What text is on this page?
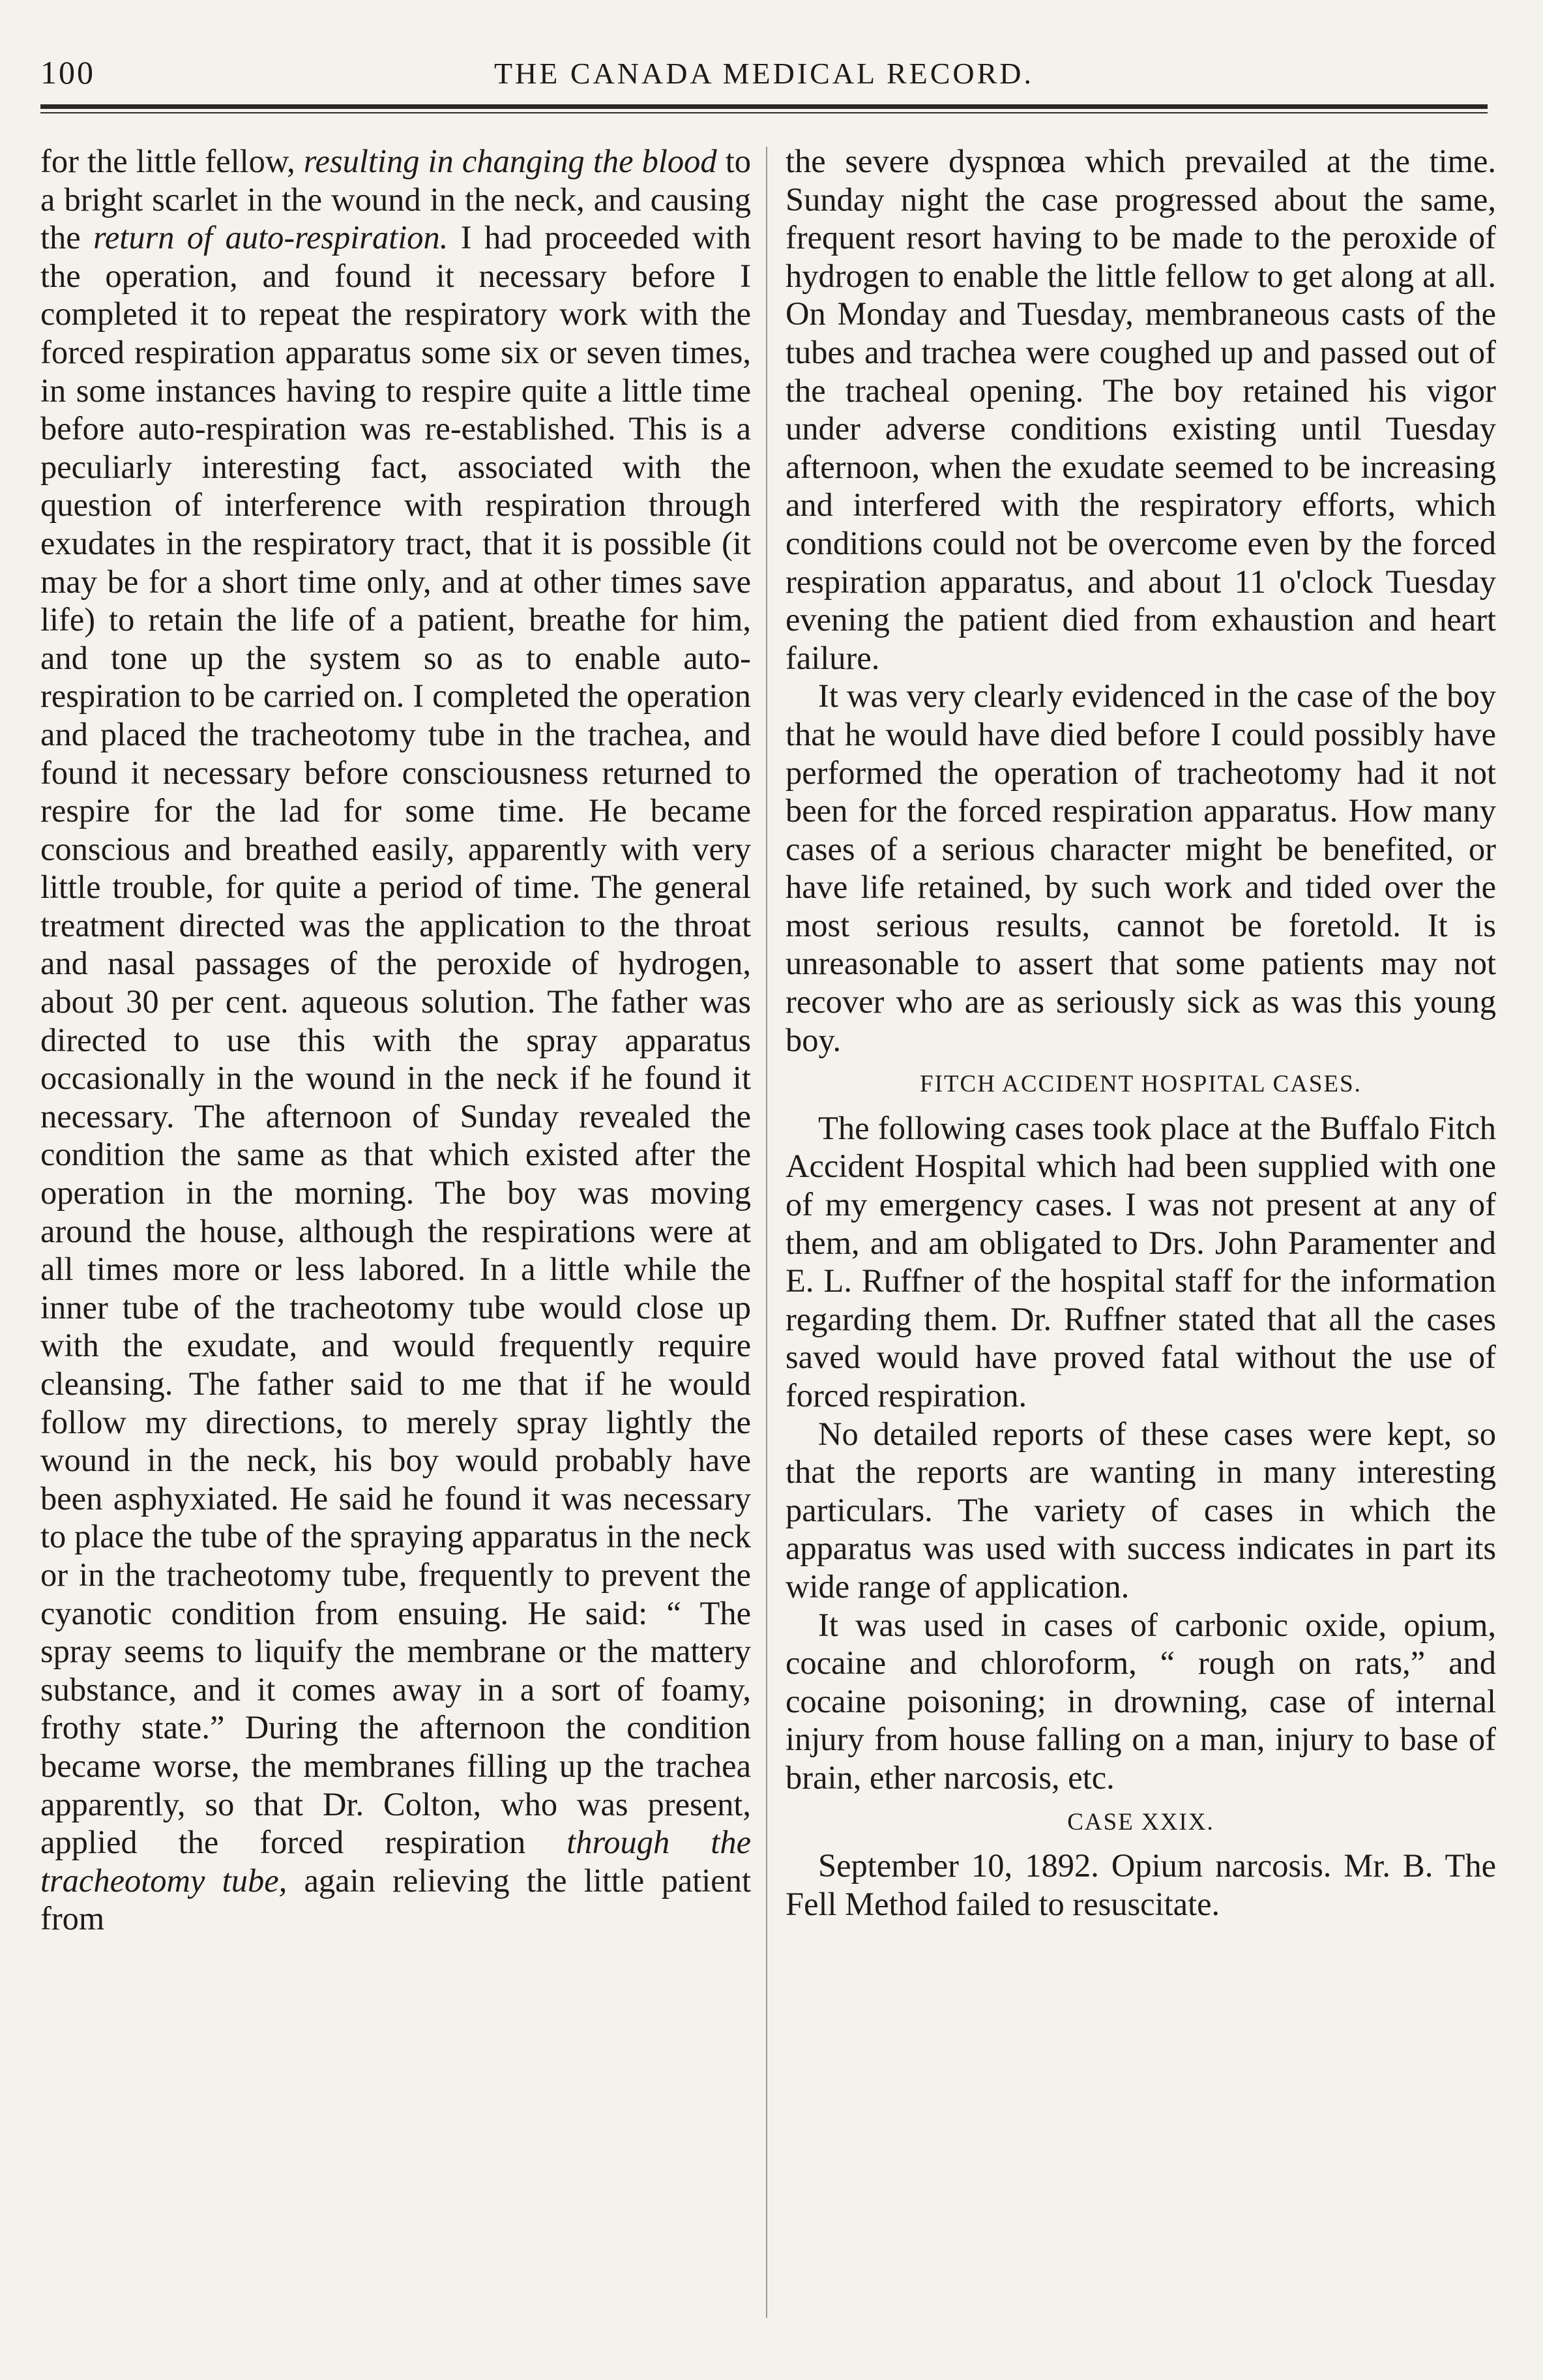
100	THE CANADA MEDICAL RECORD.

for the little fellow, resulting in changing the blood to a bright scarlet in the wound in the neck, and causing the return of auto-respiration. I had proceeded with the operation, and found it necessary before I completed it to repeat the respiratory work with the forced respiration apparatus some six or seven times, in some instances having to respire quite a little time before auto-respiration was re-established. This is a peculiarly interesting fact, associated with the question of interference with respiration through exudates in the respiratory tract, that it is possible (it may be for a short time only, and at other times save life) to retain the life of a patient, breathe for him, and tone up the system so as to enable auto-respiration to be carried on. I completed the operation and placed the tracheotomy tube in the trachea, and found it necessary before consciousness returned to respire for the lad for some time. He became conscious and breathed easily, apparently with very little trouble, for quite a period of time. The general treatment directed was the application to the throat and nasal passages of the peroxide of hydrogen, about 30 per cent. aqueous solution. The father was directed to use this with the spray apparatus occasionally in the wound in the neck if he found it necessary. The afternoon of Sunday revealed the condition the same as that which existed after the operation in the morning. The boy was moving around the house, although the respirations were at all times more or less labored. In a little while the inner tube of the tracheotomy tube would close up with the exudate, and would frequently require cleansing. The father said to me that if he would follow my directions, to merely spray lightly the wound in the neck, his boy would probably have been asphyxiated. He said he found it was necessary to place the tube of the spraying apparatus in the neck or in the tracheotomy tube, frequently to prevent the cyanotic condition from ensuing. He said: “ The spray seems to liquify the membrane or the mattery substance, and it comes away in a sort of foamy, frothy state.” During the afternoon the condition became worse, the membranes filling up the trachea apparently, so that Dr. Colton, who was present, applied the forced respiration through the tracheotomy tube, again relieving the little patient from

the severe dyspnœa which prevailed at the time. Sunday night the case progressed about the same, frequent resort having to be made to the peroxide of hydrogen to enable the little fellow to get along at all. On Monday and Tuesday, membraneous casts of the tubes and trachea were coughed up and passed out of the tracheal opening. The boy retained his vigor under adverse conditions existing until Tuesday afternoon, when the exudate seemed to be increasing and interfered with the respiratory efforts, which conditions could not be overcome even by the forced respiration apparatus, and about 11 o'clock Tuesday evening the patient died from exhaustion and heart failure.

It was very clearly evidenced in the case of the boy that he would have died before I could possibly have performed the operation of tracheotomy had it not been for the forced respiration apparatus. How many cases of a serious character might be benefited, or have life retained, by such work and tided over the most serious results, cannot be foretold. It is unreasonable to assert that some patients may not recover who are as seriously sick as was this young boy.

FITCH ACCIDENT HOSPITAL CASES.

The following cases took place at the Buffalo Fitch Accident Hospital which had been supplied with one of my emergency cases. I was not present at any of them, and am obligated to Drs. John Paramenter and E. L. Ruffner of the hospital staff for the information regarding them. Dr. Ruffner stated that all the cases saved would have proved fatal without the use of forced respiration.

No detailed reports of these cases were kept, so that the reports are wanting in many interesting particulars. The variety of cases in which the apparatus was used with success indicates in part its wide range of application.

It was used in cases of carbonic oxide, opium, cocaine and chloroform, “ rough on rats,” and cocaine poisoning; in drowning, case of internal injury from house falling on a man, injury to base of brain, ether narcosis, etc.

CASE XXIX.

September 10, 1892. Opium narcosis. Mr. B. The Fell Method failed to resuscitate.
